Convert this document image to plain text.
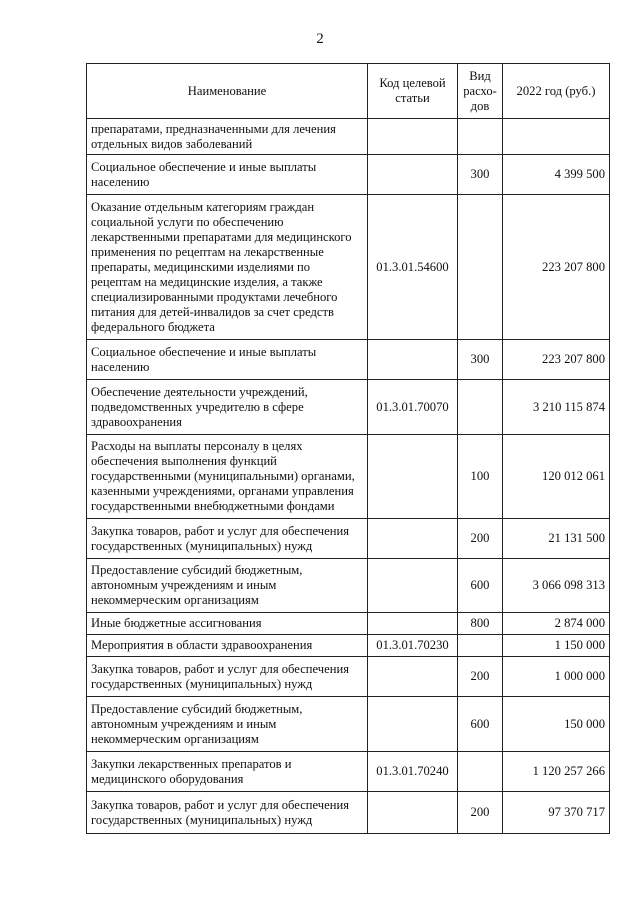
2
Наименование	Код целевой статьи	Вид расхо-дов	2022 год (руб.)
препаратами, предназначенными для лечения отдельных видов заболеваний			
Социальное обеспечение и иные выплаты населению		300	4 399 500
Оказание отдельным категориям граждан социальной услуги по обеспечению лекарственными препаратами для медицинского применения по рецептам на лекарственные препараты, медицинскими изделиями по рецептам на медицинские изделия, а также специализированными продуктами лечебного питания для детей-инвалидов за счет средств федерального бюджета	01.3.01.54600		223 207 800
Социальное обеспечение и иные выплаты населению		300	223 207 800
Обеспечение деятельности учреждений, подведомственных учредителю в сфере здравоохранения	01.3.01.70070		3 210 115 874
Расходы на выплаты персоналу в целях обеспечения выполнения функций государственными (муниципальными) органами, казенными учреждениями, органами управления государственными внебюджетными фондами		100	120 012 061
Закупка товаров, работ и услуг для обеспечения государственных (муниципальных) нужд		200	21 131 500
Предоставление субсидий бюджетным, автономным учреждениям и иным некоммерческим организациям		600	3 066 098 313
Иные бюджетные ассигнования		800	2 874 000
Мероприятия в области здравоохранения	01.3.01.70230		1 150 000
Закупка товаров, работ и услуг для обеспечения государственных (муниципальных) нужд		200	1 000 000
Предоставление субсидий бюджетным, автономным учреждениям и иным некоммерческим организациям		600	150 000
Закупки лекарственных препаратов и медицинского оборудования	01.3.01.70240		1 120 257 266
Закупка товаров, работ и услуг для обеспечения государственных (муниципальных) нужд		200	97 370 717
